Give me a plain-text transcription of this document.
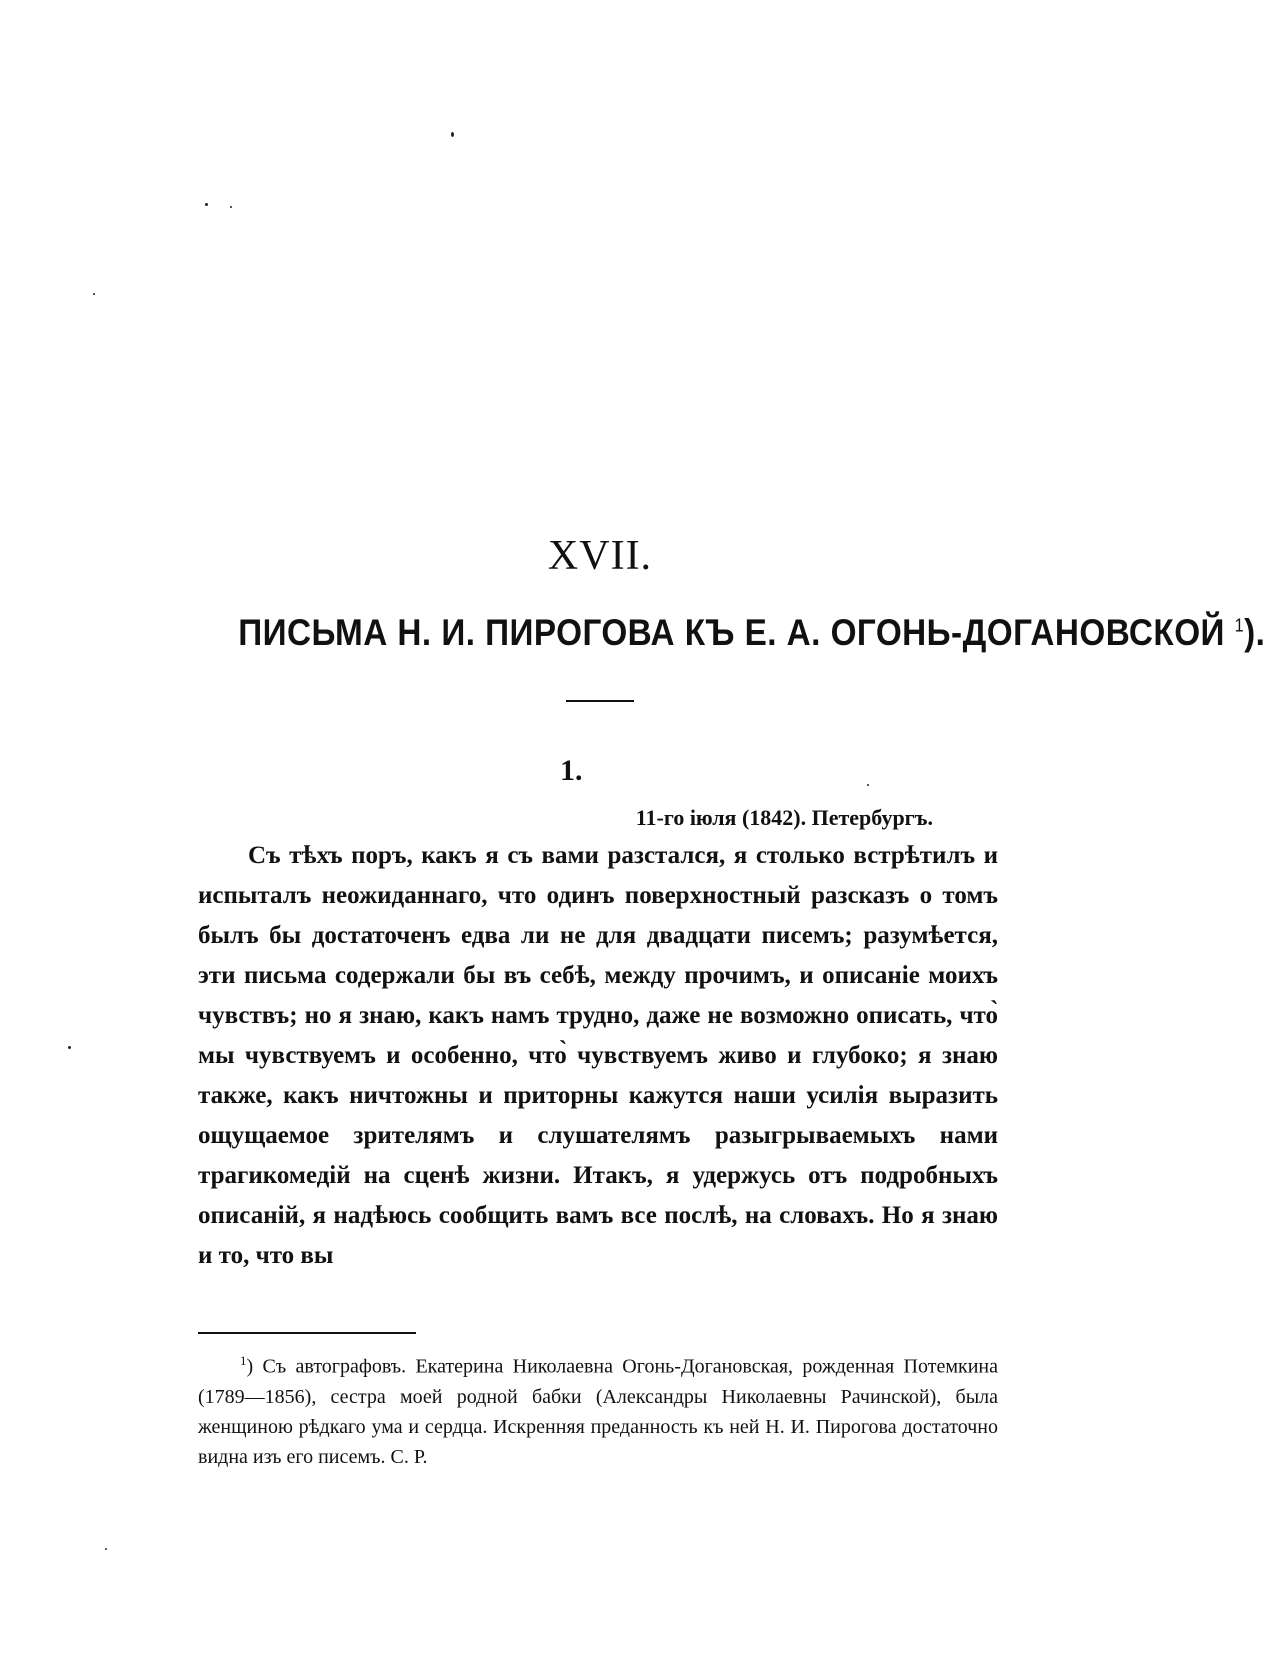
XVII.
ПИСЬМА Н. И. ПИРОГОВА КЪ Е. А. ОГОНЬ-ДОГАНОВСКОЙ $^1$).
1.
11-го іюля (1842). Петербургъ.

Съ тѣхъ поръ, какъ я съ вами разстался, я столько встрѣтилъ и испыталъ неожиданнаго, что одинъ поверхностный разсказъ о томъ былъ бы достаточенъ едва ли не для двадцати писемъ; разумѣется, эти письма содержали бы въ себѣ, между прочимъ, и описаніе моихъ чувствъ; но я знаю, какъ намъ трудно, даже не возможно описать, что̀ мы чувствуемъ и особенно, что̀ чувствуемъ живо и глубоко; я знаю также, какъ ничтожны и приторны кажутся наши усилія выразить ощущаемое зрителямъ и слушателямъ разыгрываемыхъ нами трагикомедій на сценѣ жизни. Итакъ, я удержусь отъ подробныхъ описаній, я надѣюсь сообщить вамъ все послѣ, на словахъ. Но я знаю и то, что вы

$^1$) Съ автографовъ. Екатерина Николаевна Огонь-Догановская, рожденная Потемкина (1789—1856), сестра моей родной бабки (Александры Николаевны Рачинской), была женщиною рѣдкаго ума и сердца. Искренняя преданность къ ней Н. И. Пирогова достаточно видна изъ его писемъ. С. Р.
